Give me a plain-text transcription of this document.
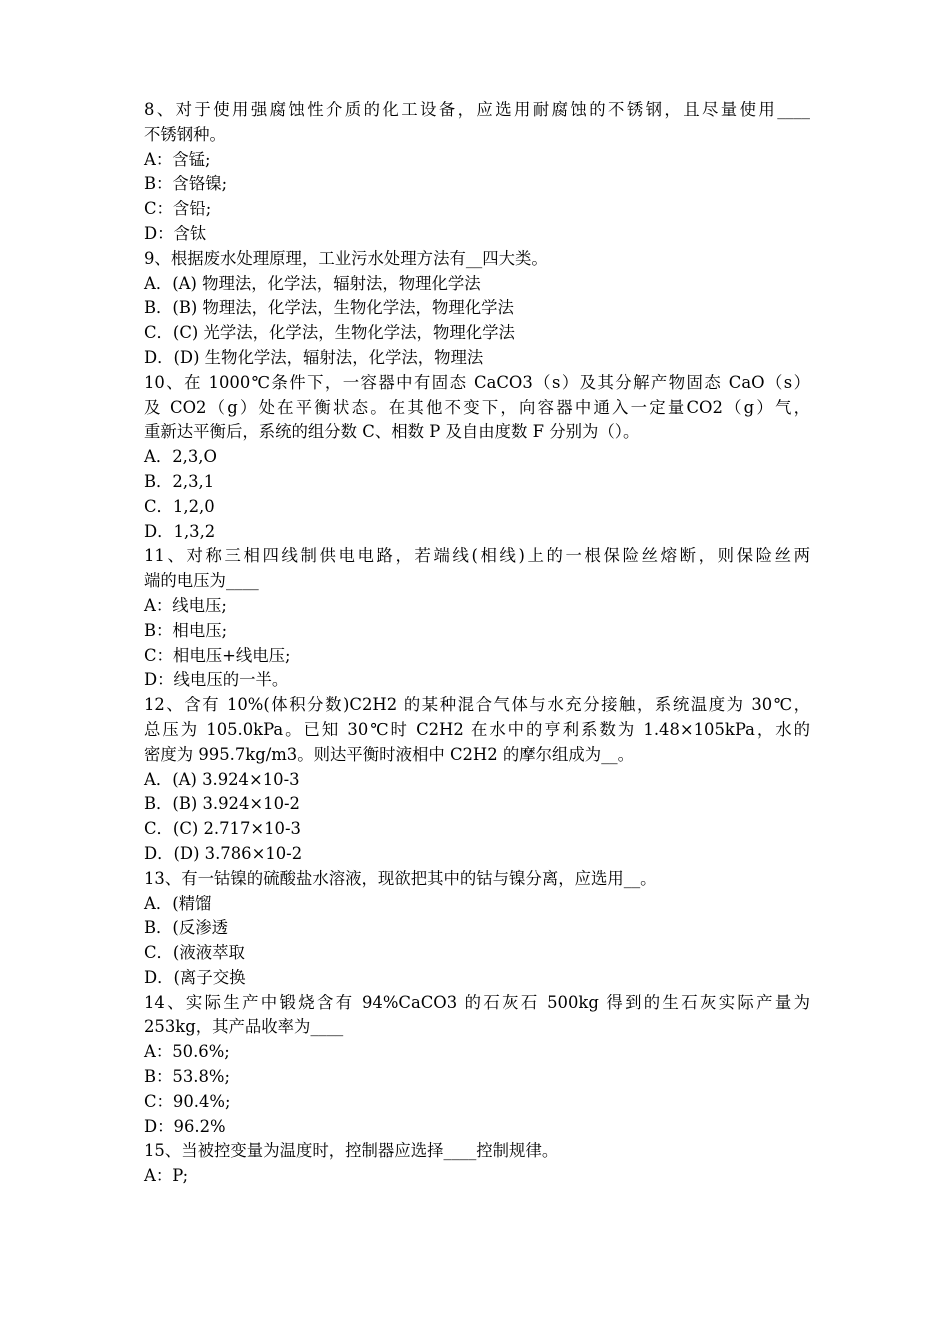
8、对于使用强腐蚀性介质的化工设备，应选用耐腐蚀的不锈钢，且尽量使用____
不锈钢种。
A：含锰;
B：含铬镍;
C：含铅;
D：含钛
9、根据废水处理原理，工业污水处理方法有__四大类。
A．(A) 物理法，化学法，辐射法，物理化学法
B．(B) 物理法，化学法，生物化学法，物理化学法
C．(C) 光学法，化学法，生物化学法，物理化学法
D．(D) 生物化学法，辐射法，化学法，物理法
10、在 1000℃条件下，一容器中有固态 CaCO3（s）及其分解产物固态 CaO（s）
及 CO2（g）处在平衡状态。在其他不变下，向容器中通入一定量CO2（g）气，
重新达平衡后，系统的组分数 C、相数 P 及自由度数 F 分别为（）。
A．2,3,O
B．2,3,1
C．1,2,0
D．1,3,2
11、对称三相四线制供电电路，若端线(相线)上的一根保险丝熔断，则保险丝两
端的电压为____
A：线电压;
B：相电压;
C：相电压+线电压;
D：线电压的一半。
12、含有 10%(体积分数)C2H2 的某种混合气体与水充分接触，系统温度为 30℃，
总压为 105.0kPa。已知 30℃时 C2H2 在水中的亨利系数为 1.48×105kPa，水的
密度为 995.7kg/m3。则达平衡时液相中 C2H2 的摩尔组成为__。
A．(A) 3.924×10-3
B．(B) 3.924×10-2
C．(C) 2.717×10-3
D．(D) 3.786×10-2
13、有一钴镍的硫酸盐水溶液，现欲把其中的钴与镍分离，应选用__。
A．(精馏
B．(反渗透
C．(液液萃取
D．(离子交换
14、实际生产中锻烧含有 94%CaCO3 的石灰石 500kg 得到的生石灰实际产量为
253kg，其产品收率为____
A：50.6%;
B：53.8%;
C：90.4%;
D：96.2%
15、当被控变量为温度时，控制器应选择____控制规律。
A：P;
